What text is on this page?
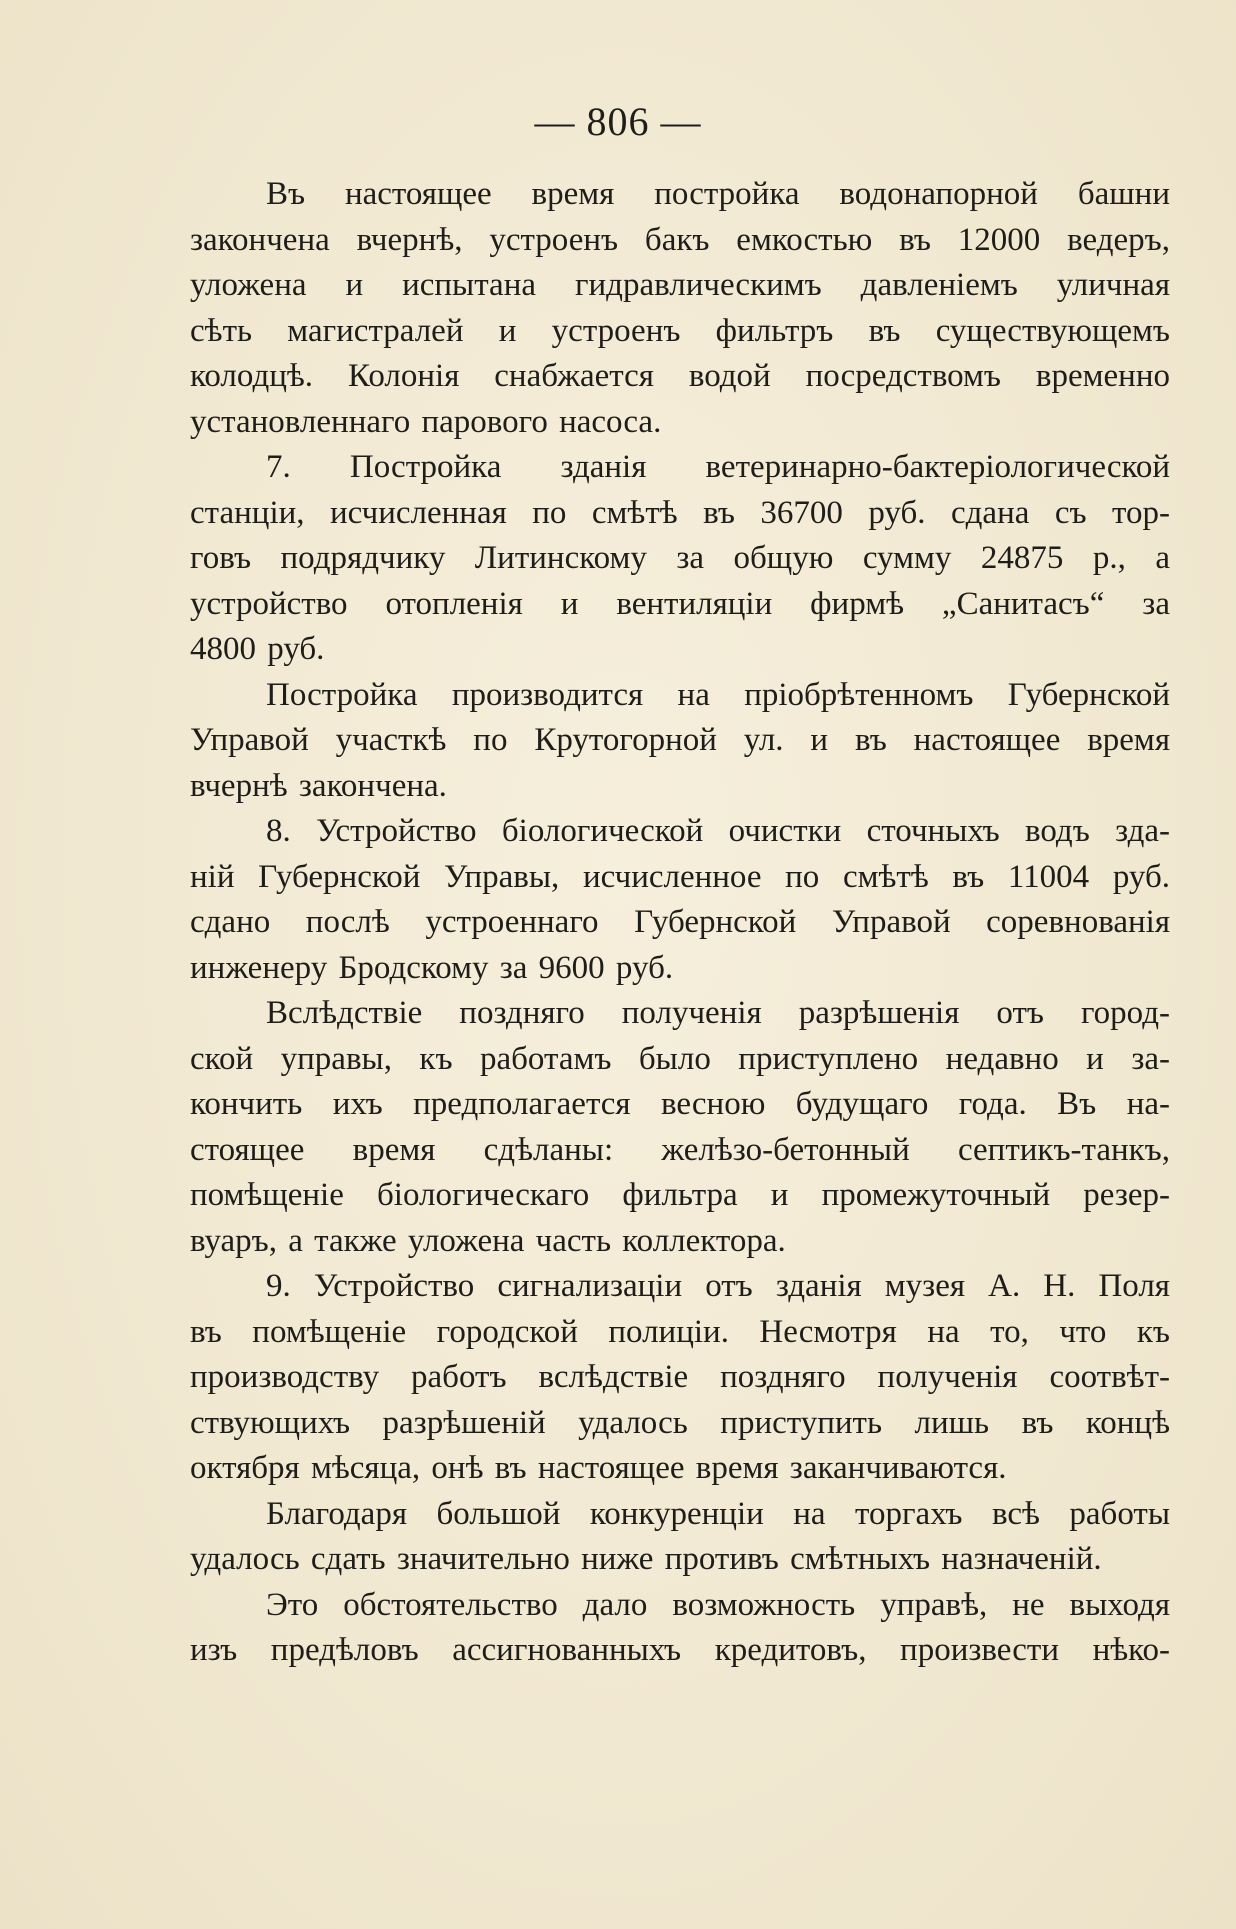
— 806 —

Въ настоящее время постройка водонапорной башни
закончена вчернѣ, устроенъ бакъ емкостью въ 12000 ведеръ,
уложена и испытана гидравлическимъ давленіемъ уличная
сѣть магистралей и устроенъ фильтръ въ существующемъ
колодцѣ. Колонія снабжается водой посредствомъ временно
установленнаго парового насоса.

7. Постройка зданія ветеринарно-бактеріологической
станціи, исчисленная по смѣтѣ въ 36700 руб. сдана съ тор-
говъ подрядчику Литинскому за общую сумму 24875 р., а
устройство отопленія и вентиляціи фирмѣ „Санитасъ“ за
4800 руб.

Постройка производится на пріобрѣтенномъ Губернской
Управой участкѣ по Крутогорной ул. и въ настоящее время
вчернѣ закончена.

8. Устройство біологической очистки сточныхъ водъ зда-
ній Губернской Управы, исчисленное по смѣтѣ въ 11004 руб.
сдано послѣ устроеннаго Губернской Управой соревнованія
инженеру Бродскому за 9600 руб.

Вслѣдствіе поздняго полученія разрѣшенія отъ город-
ской управы, къ работамъ было приступлено недавно и за-
кончить ихъ предполагается весною будущаго года. Въ на-
стоящее время сдѣланы: желѣзо-бетонный септикъ-танкъ,
помѣщеніе біологическаго фильтра и промежуточный резер-
вуаръ, а также уложена часть коллектора.

9. Устройство сигнализаціи отъ зданія музея А. Н. Поля
въ помѣщеніе городской полиціи. Несмотря на то, что къ
производству работъ вслѣдствіе поздняго полученія соотвѣт-
ствующихъ разрѣшеній удалось приступить лишь въ концѣ
октября мѣсяца, онѣ въ настоящее время заканчиваются.

Благодаря большой конкуренціи на торгахъ всѣ работы
удалось сдать значительно ниже противъ смѣтныхъ назначеній.

Это обстоятельство дало возможность управѣ, не выходя
изъ предѣловъ ассигнованныхъ кредитовъ, произвести нѣко-
